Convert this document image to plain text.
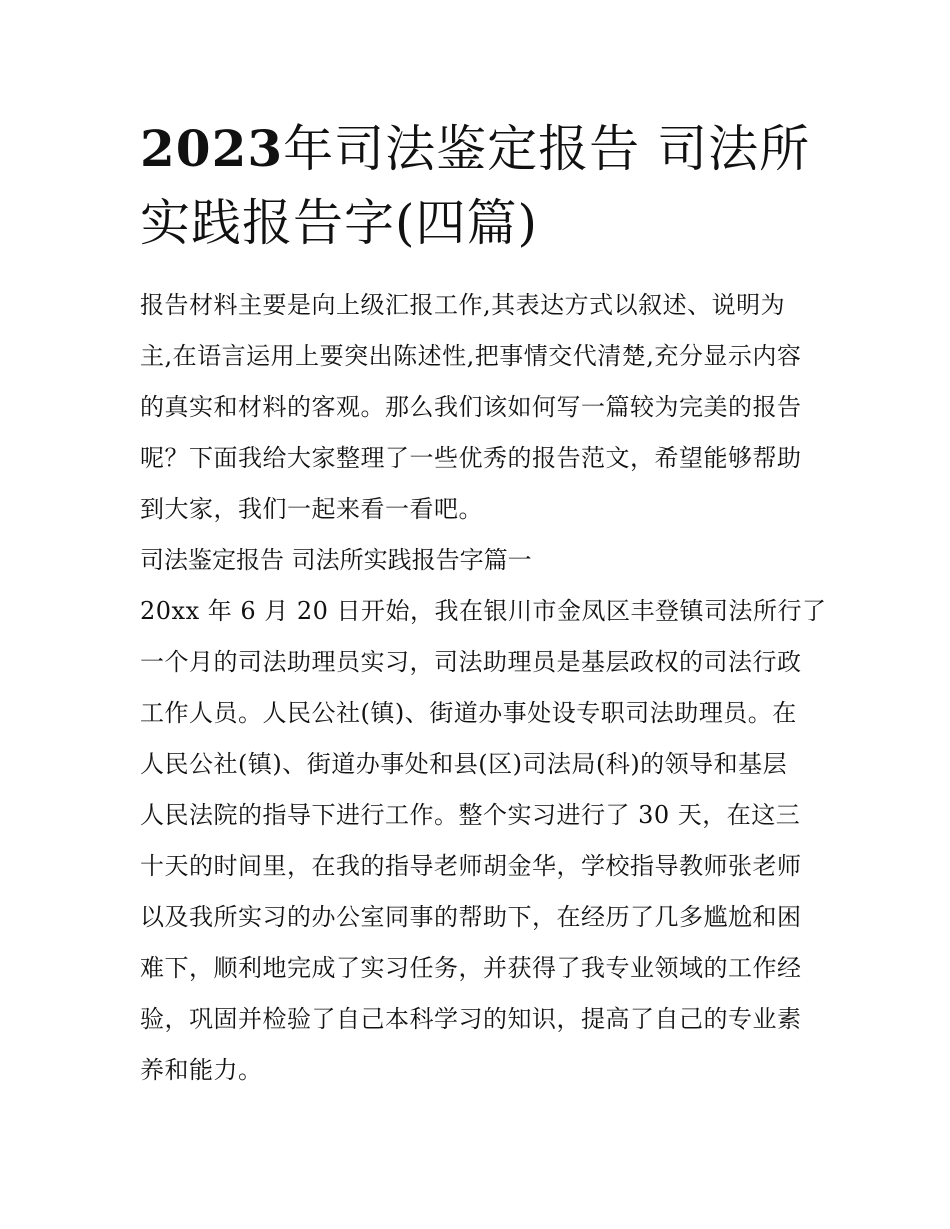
2023年司法鉴定报告 司法所
实践报告字(四篇)
报告材料主要是向上级汇报工作,其表达方式以叙述、说明为
主,在语言运用上要突出陈述性,把事情交代清楚,充分显示内容
的真实和材料的客观。那么我们该如何写一篇较为完美的报告
呢？下面我给大家整理了一些优秀的报告范文，希望能够帮助
到大家，我们一起来看一看吧。
司法鉴定报告 司法所实践报告字篇一
20xx 年 6 月 20 日开始，我在银川市金凤区丰登镇司法所行了
一个月的司法助理员实习，司法助理员是基层政权的司法行政
工作人员。人民公社(镇)、街道办事处设专职司法助理员。在
人民公社(镇)、街道办事处和县(区)司法局(科)的领导和基层
人民法院的指导下进行工作。整个实习进行了 30 天，在这三
十天的时间里，在我的指导老师胡金华，学校指导教师张老师
以及我所实习的办公室同事的帮助下，在经历了几多尴尬和困
难下，顺利地完成了实习任务，并获得了我专业领域的工作经
验，巩固并检验了自己本科学习的知识，提高了自己的专业素
养和能力。
